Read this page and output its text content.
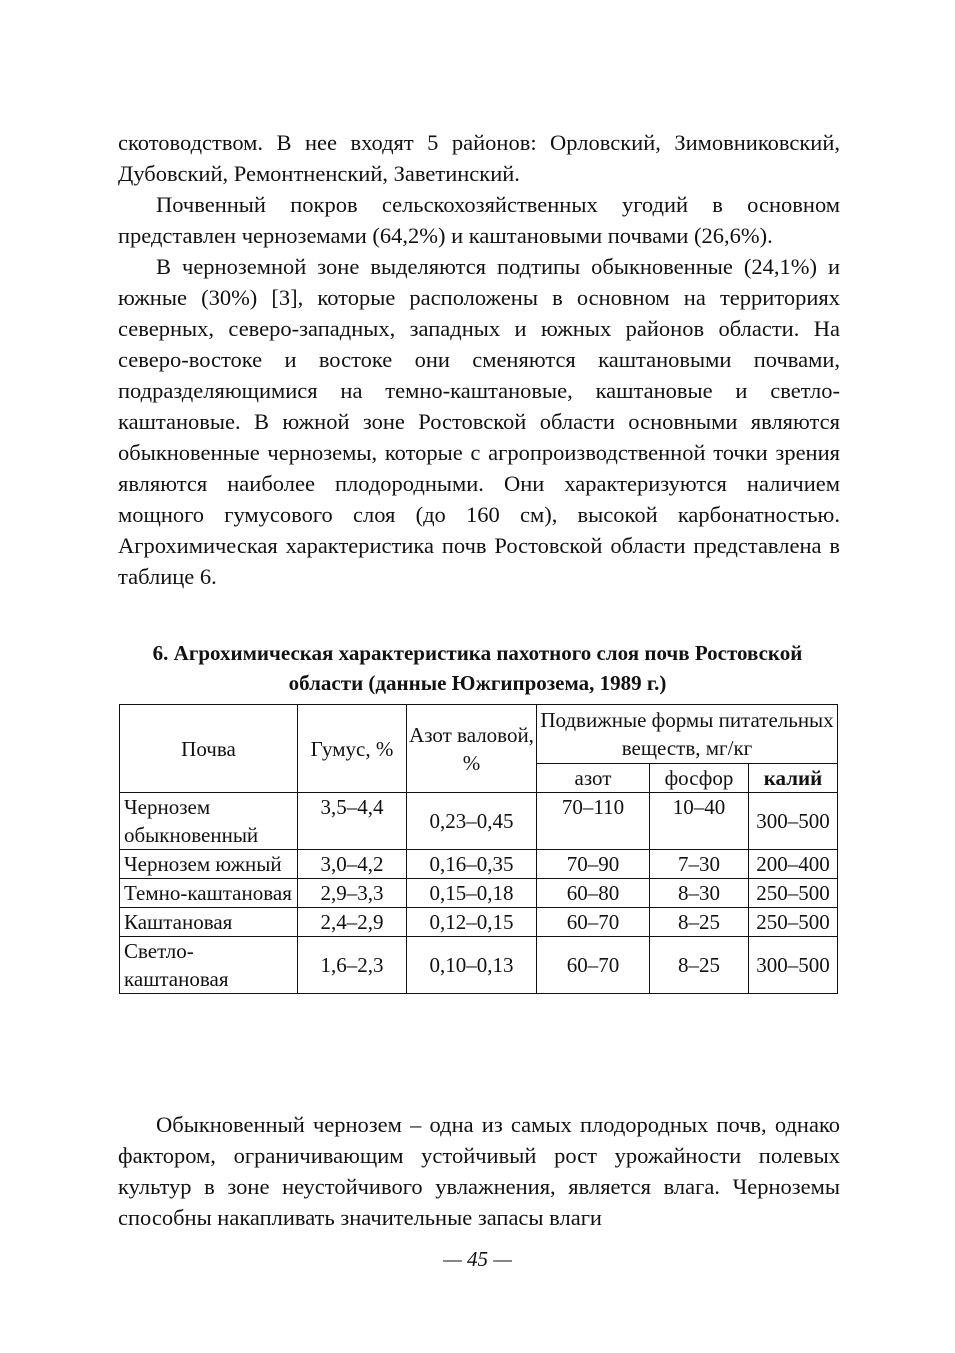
скотоводством. В нее входят 5 районов: Орловский, Зимовниковский, Дубовский, Ремонтненский, Заветинский.

Почвенный покров сельскохозяйственных угодий в основном представлен черноземами (64,2%) и каштановыми почвами (26,6%).

В черноземной зоне выделяются подтипы обыкновенные (24,1%) и южные (30%) [3], которые расположены в основном на территориях северных, северо-западных, западных и южных районов области. На северо-востоке и востоке они сменяются каштановыми почвами, подразделяющимися на темно-каштановые, каштановые и светло-каштановые. В южной зоне Ростовской области основными являются обыкновенные черноземы, которые с агропроизводственной точки зрения являются наиболее плодородными. Они характеризуются наличием мощного гумусового слоя (до 160 см), высокой карбонатностью. Агрохимическая характеристика почв Ростовской области представлена в таблице 6.

6. Агрохимическая характеристика пахотного слоя почв Ростовской
области (данные Южгипрозема, 1989 г.)
Почва	Гумус, %	Азот валовой, %	Подвижные формы питательных веществ, мг/кг		
			азот	фосфор	калий
Чернозем обыкновенный	3,5–4,4	0,23–0,45	70–110	10–40	300–500
Чернозем южный	3,0–4,2	0,16–0,35	70–90	7–30	200–400
Темно-каштановая	2,9–3,3	0,15–0,18	60–80	8–30	250–500
Каштановая	2,4–2,9	0,12–0,15	60–70	8–25	250–500
Светло-каштановая	1,6–2,3	0,10–0,13	60–70	8–25	300–500

Обыкновенный чернозем – одна из самых плодородных почв, однако фактором, ограничивающим устойчивый рост урожайности полевых культур в зоне неустойчивого увлажнения, является влага. Черноземы способны накапливать значительные запасы влаги

— 45 —
